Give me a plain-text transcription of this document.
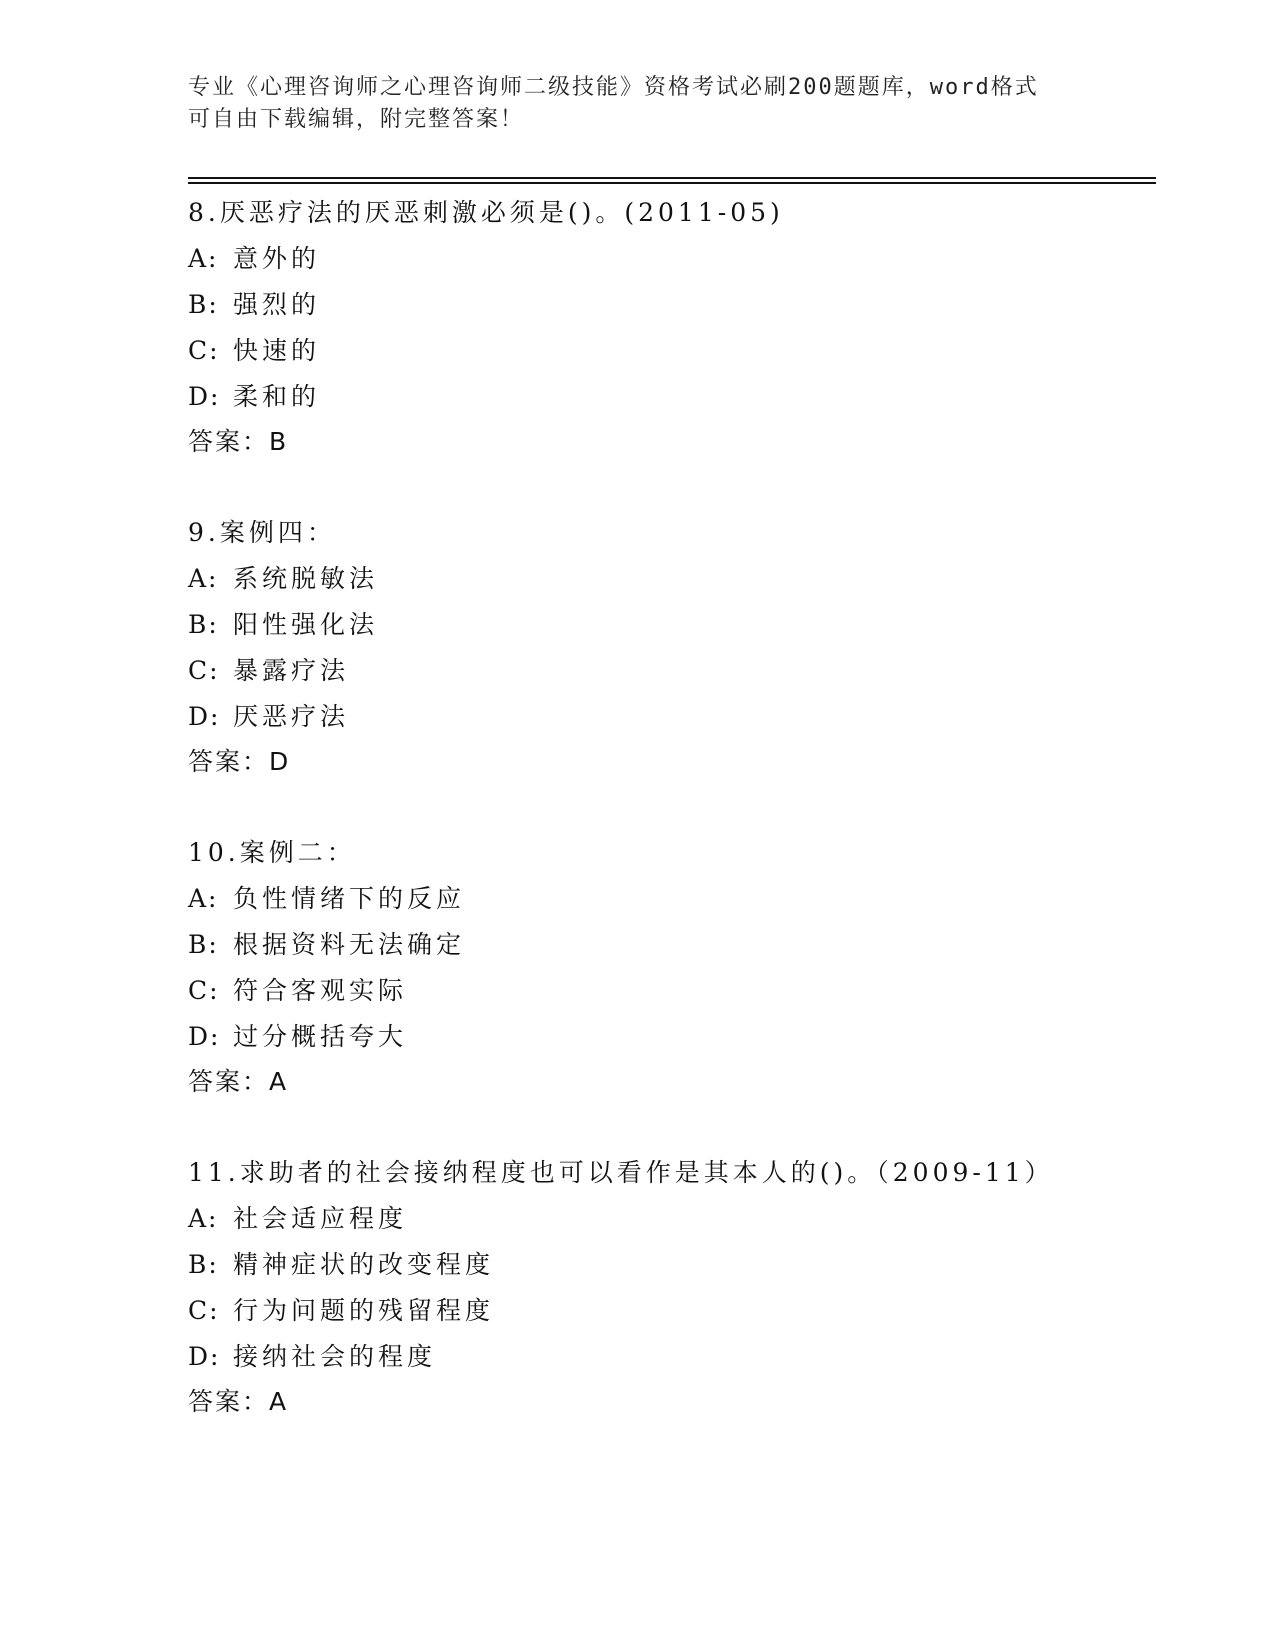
专业《心理咨询师之心理咨询师二级技能》资格考试必刷200题题库，word格式
可自由下载编辑，附完整答案！
8.厌恶疗法的厌恶刺激必须是()。(2011-05)
A: 意外的
B: 强烈的
C: 快速的
D: 柔和的
答案：B
9.案例四：
A: 系统脱敏法
B: 阳性强化法
C: 暴露疗法
D: 厌恶疗法
答案：D
10.案例二：
A: 负性情绪下的反应
B: 根据资料无法确定
C: 符合客观实际
D: 过分概括夸大
答案：A
11.求助者的社会接纳程度也可以看作是其本人的()。（2009-11）
A: 社会适应程度
B: 精神症状的改变程度
C: 行为问题的残留程度
D: 接纳社会的程度
答案：A
